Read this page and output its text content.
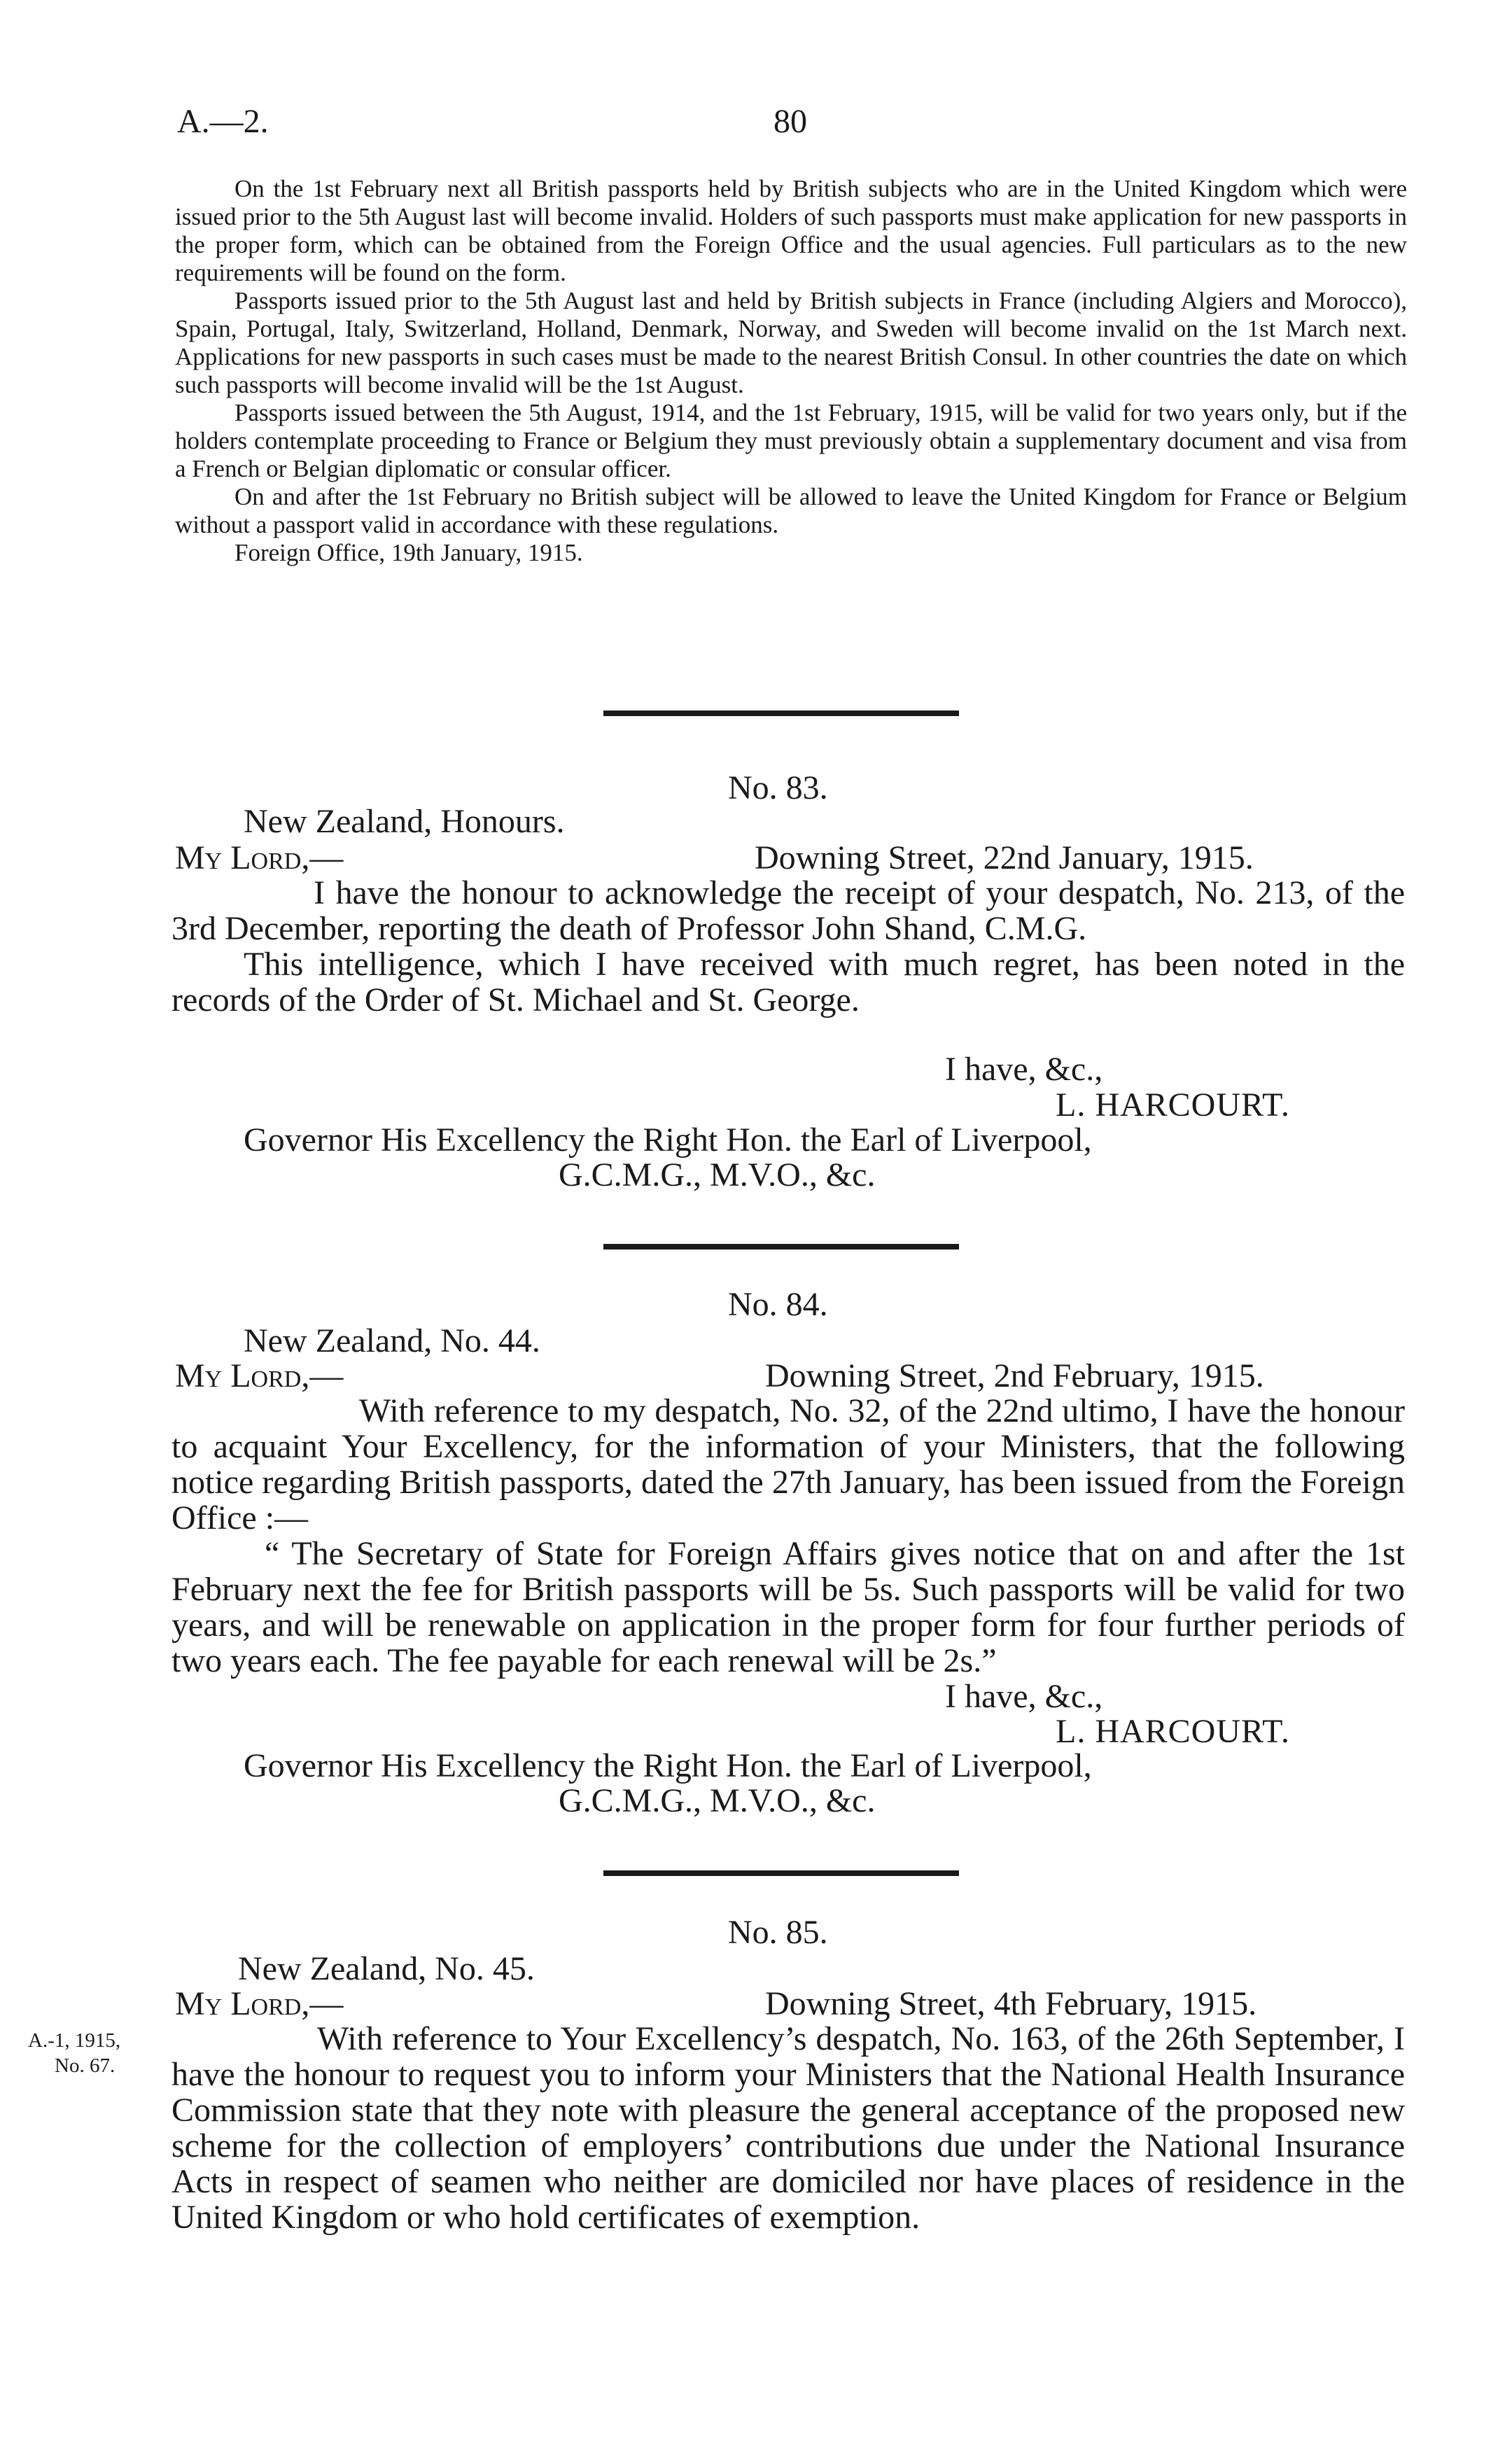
A.—2.	80

On the 1st February next all British passports held by British subjects who are in the United Kingdom which were issued prior to the 5th August last will become invalid. Holders of such passports must make application for new passports in the proper form, which can be obtained from the Foreign Office and the usual agencies. Full particulars as to the new requirements will be found on the form.

Passports issued prior to the 5th August last and held by British subjects in France (including Algiers and Morocco), Spain, Portugal, Italy, Switzerland, Holland, Denmark, Norway, and Sweden will become invalid on the 1st March next. Applications for new passports in such cases must be made to the nearest British Consul. In other countries the date on which such passports will become invalid will be the 1st August.

Passports issued between the 5th August, 1914, and the 1st February, 1915, will be valid for two years only, but if the holders contemplate proceeding to France or Belgium they must previously obtain a supplementary document and visa from a French or Belgian diplomatic or consular officer.

On and after the 1st February no British subject will be allowed to leave the United Kingdom for France or Belgium without a passport valid in accordance with these regulations.

Foreign Office, 19th January, 1915.

No. 83.
New Zealand, Honours.
My Lord,—	Downing Street, 22nd January, 1915.

I have the honour to acknowledge the receipt of your despatch, No. 213, of the 3rd December, reporting the death of Professor John Shand, C.M.G.

This intelligence, which I have received with much regret, has been noted in the records of the Order of St. Michael and St. George.

I have, &c.,
L. HARCOURT.
Governor His Excellency the Right Hon. the Earl of Liverpool,
G.C.M.G., M.V.O., &c.
No. 84.
New Zealand, No. 44.
My Lord,—	Downing Street, 2nd February, 1915.

With reference to my despatch, No. 32, of the 22nd ultimo, I have the honour to acquaint Your Excellency, for the information of your Ministers, that the following notice regarding British passports, dated the 27th January, has been issued from the Foreign Office :—

“ The Secretary of State for Foreign Affairs gives notice that on and after the 1st February next the fee for British passports will be 5s. Such passports will be valid for two years, and will be renewable on application in the proper form for four further periods of two years each. The fee payable for each renewal will be 2s.”

I have, &c.,
L. HARCOURT.
Governor His Excellency the Right Hon. the Earl of Liverpool,
G.C.M.G., M.V.O., &c.
No. 85.
New Zealand, No. 45.
My Lord,—	Downing Street, 4th February, 1915.
A.-1, 1915,
No. 67.

With reference to Your Excellency’s despatch, No. 163, of the 26th September, I have the honour to request you to inform your Ministers that the National Health Insurance Commission state that they note with pleasure the general acceptance of the proposed new scheme for the collection of employers’ contributions due under the National Insurance Acts in respect of seamen who neither are domiciled nor have places of residence in the United Kingdom or who hold certificates of exemption.
